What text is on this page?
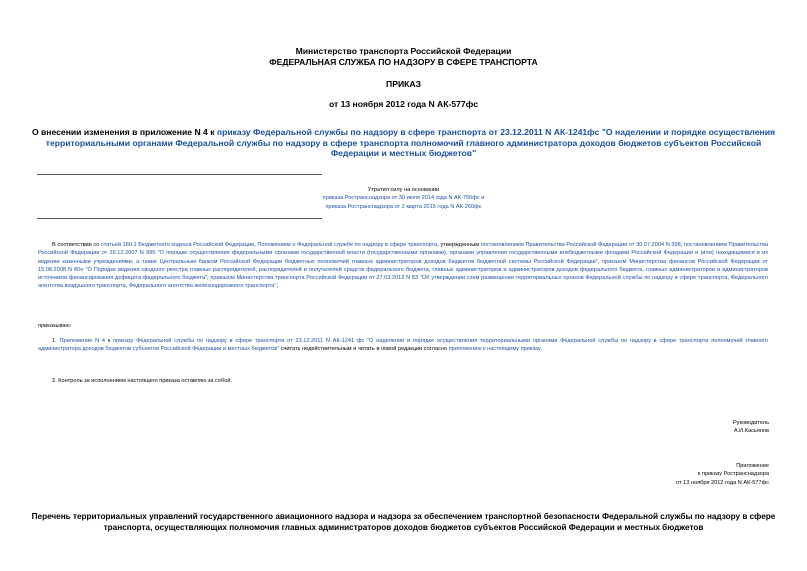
Министерство транспорта Российской Федерации
ФЕДЕРАЛЬНАЯ СЛУЖБА ПО НАДЗОРУ В СФЕРЕ ТРАНСПОРТА
ПРИКАЗ
от 13 ноября 2012 года N АК-577фс
О внесении изменения в приложение N 4 к приказу Федеральной службы по надзору в сфере транспорта от 23.12.2011 N АК-1241фс "О наделении и порядке осуществления территориальными органами Федеральной службы по надзору в сфере транспорта полномочий главного администратора доходов бюджетов субъектов Российской Федерации и местных бюджетов"
Утратил силу на основании
приказа Ространснадзора от 30 июля 2014 года N АК-756фс и
приказа Ространснадзора от 2 марта 2015 года N АК-260фс
В соответствии со статьей 160.1 Бюджетного кодекса Российской Федерации, Положением о Федеральной службе по надзору в сфере транспорта, утвержденным постановлением Правительства Российской Федерации от 30.07.2004 N 398, постановлением Правительства Российской Федерации от 29.12.2007 N 995 "О порядке осуществления федеральными органами государственной власти (государственными органами), органами управления государственными внебюджетными фондами Российской Федерации и (или) находящимися в их ведении казенными учреждениями, а также Центральным банком Российской Федерации бюджетных полномочий главных администраторов доходов бюджетов бюджетной системы Российской Федерации", приказом Министерства финансов Российской Федерации от 15.08.2008 N 80н "О Порядке ведения сводного реестра главных распорядителей, распорядителей и получателей средств федерального бюджета, главных администраторов и администраторов доходов федерального бюджета, главных администраторов и администраторов источников финансирования дефицита федерального бюджета", приказом Министерства транспорта Российской Федерации от 27.03.2012 N 83 "Об утверждении схем размещения территориальных органов Федеральной службы по надзору в сфере транспорта, Федерального агентства воздушного транспорта, Федерального агентства железнодорожного транспорта",
приказываю:
1. Приложение N 4 к приказу Федеральной службы по надзору в сфере транспорта от 23.12.2011 N АК-1241 фс "О наделении и порядке осуществления территориальными органами Федеральной службы по надзору в сфере транспорта полномочий главного администратора доходов бюджетов субъектов Российской Федерации и местных бюджетов" считать недействительным и читать в новой редакции согласно приложению к настоящему приказу.
2. Контроль за исполнением настоящего приказа оставляю за собой.
Руководитель
А.И.Касьянов
Приложение
к приказу Ространснадзора
от 13 ноября 2012 года N АК-577фс
Перечень территориальных управлений государственного авиационного надзора и надзора за обеспечением транспортной безопасности Федеральной службы по надзору в сфере транспорта, осуществляющих полномочия главных администраторов доходов бюджетов субъектов Российской Федерации и местных бюджетов
